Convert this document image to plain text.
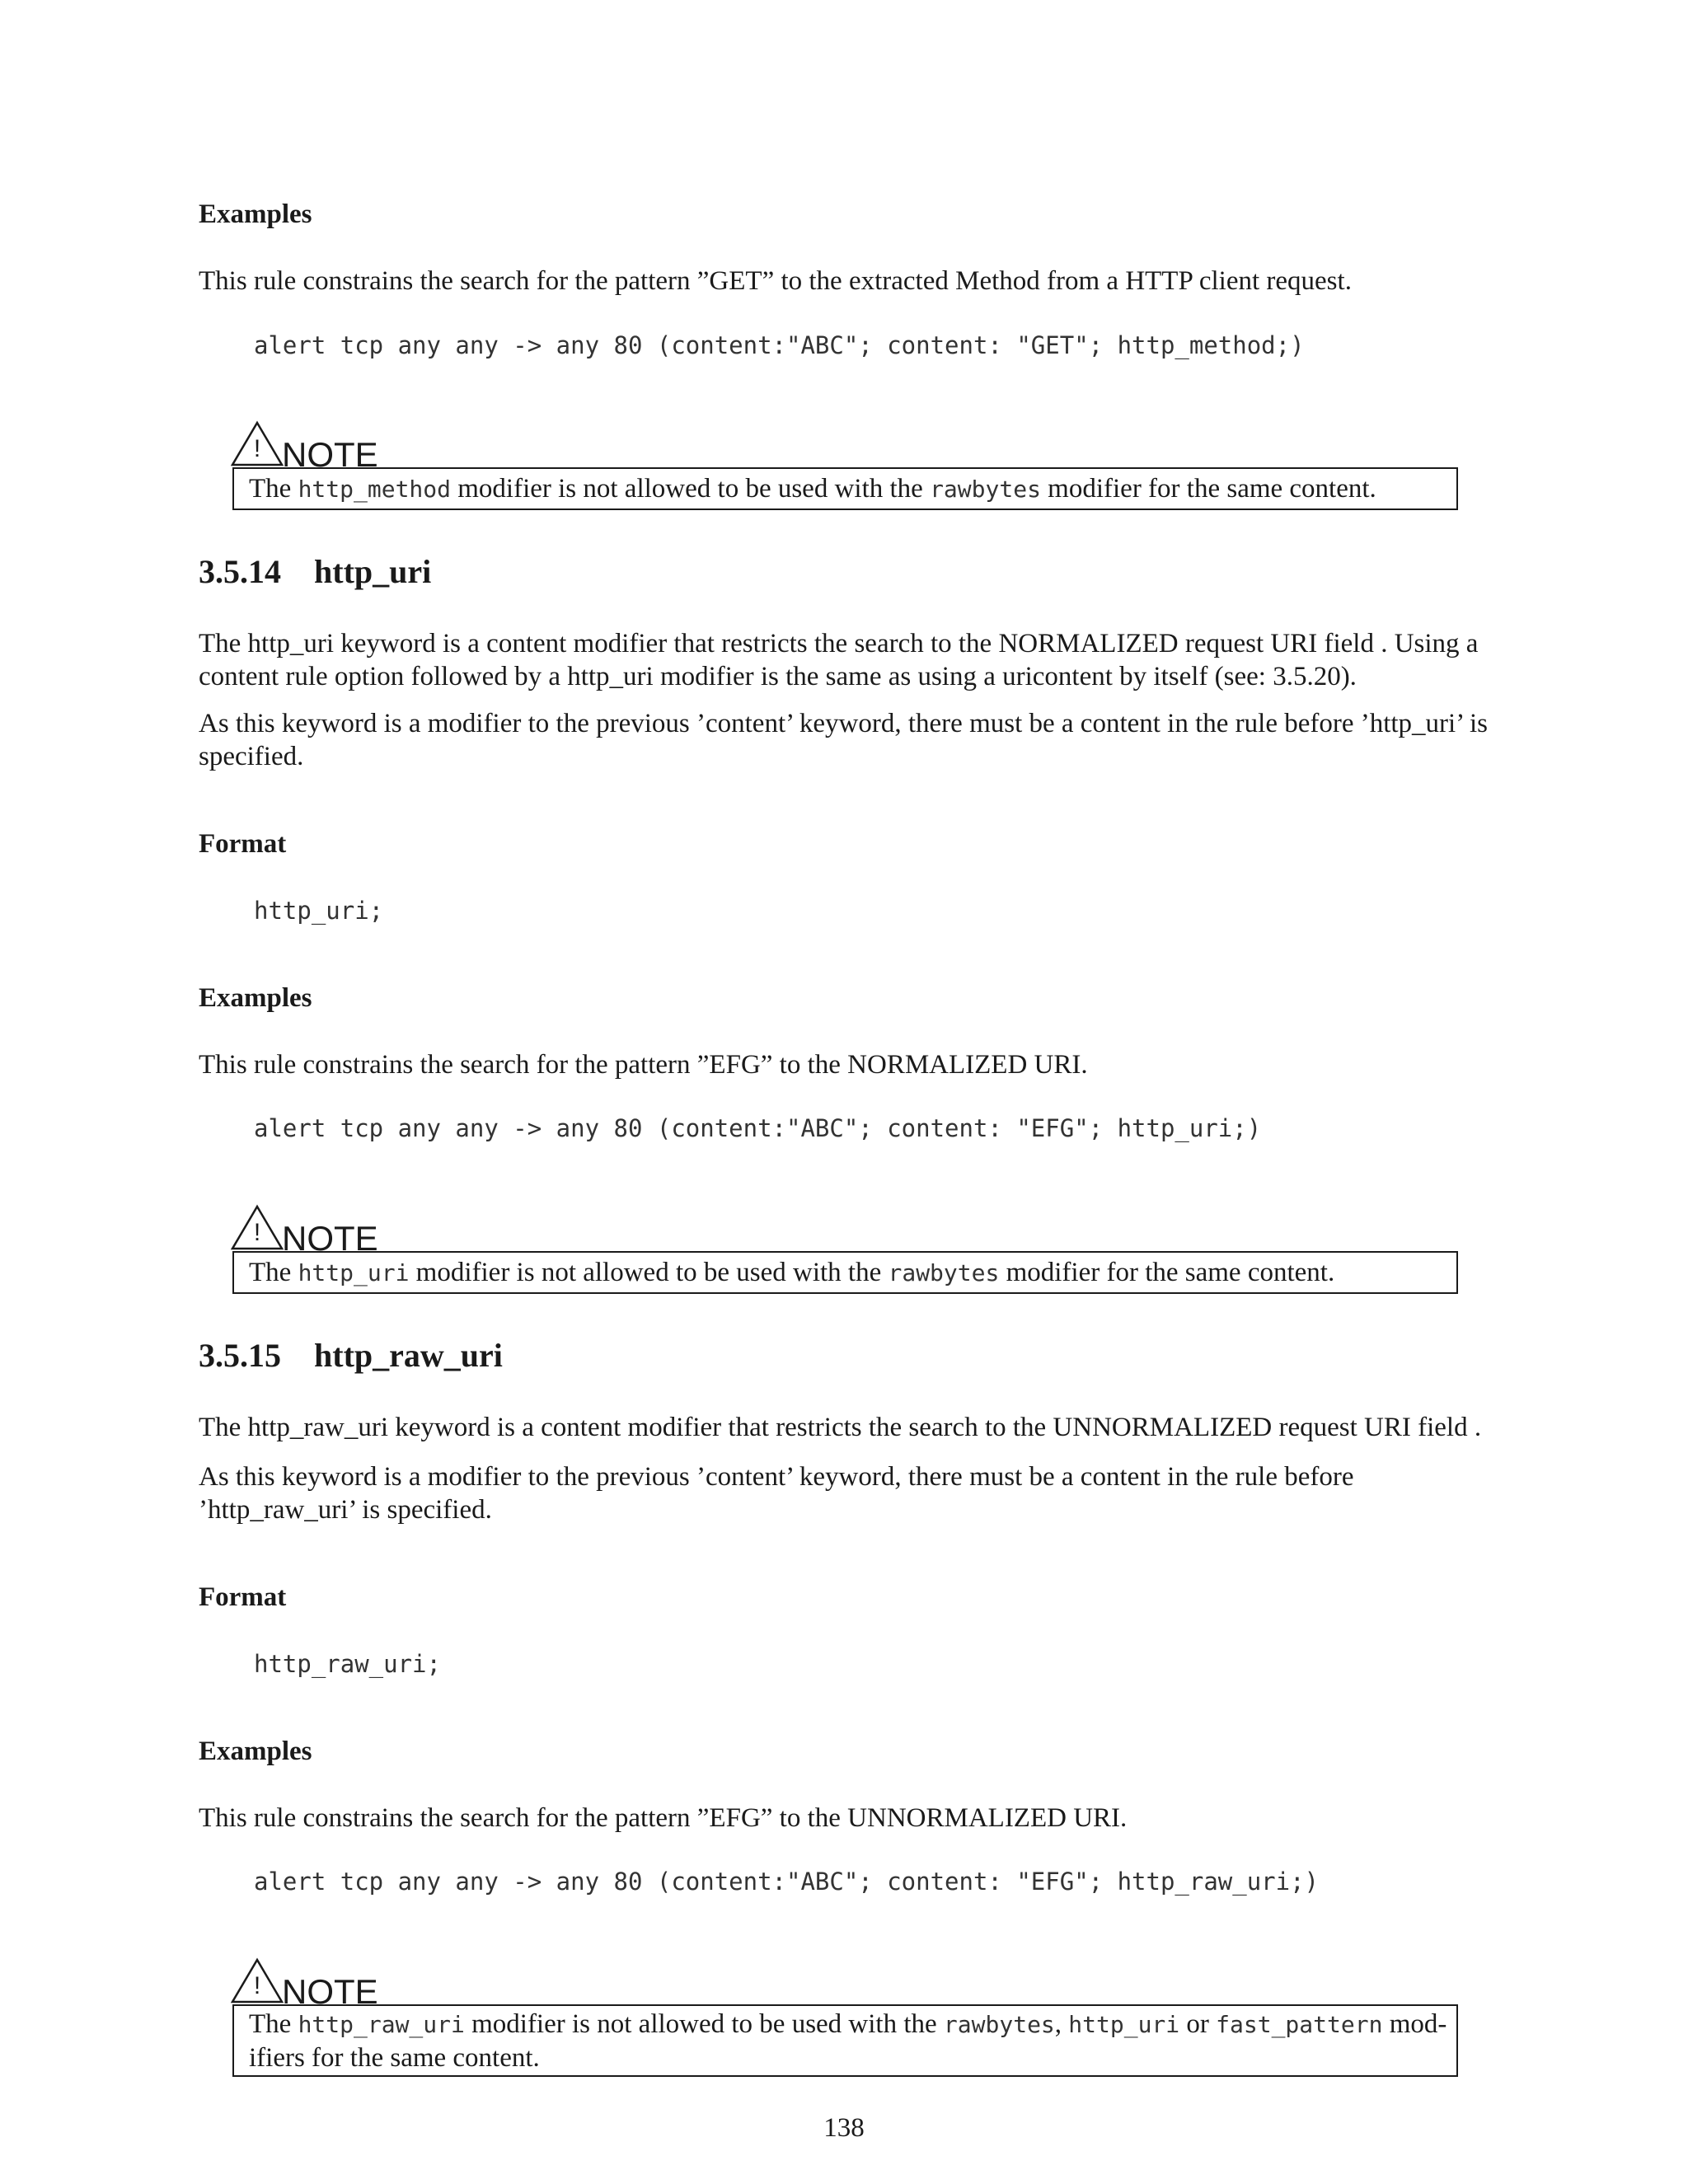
Examples
This rule constrains the search for the pattern ”GET” to the extracted Method from a HTTP client request.
alert tcp any any -> any 80 (content:"ABC"; content: "GET"; http_method;)
! NOTE
The http_method modifier is not allowed to be used with the rawbytes modifier for the same content.
3.5.14 http_uri
The http_uri keyword is a content modifier that restricts the search to the NORMALIZED request URI field . Using a content rule option followed by a http_uri modifier is the same as using a uricontent by itself (see: 3.5.20).
As this keyword is a modifier to the previous ’content’ keyword, there must be a content in the rule before ’http_uri’ is specified.
Format
http_uri;
Examples
This rule constrains the search for the pattern ”EFG” to the NORMALIZED URI.
alert tcp any any -> any 80 (content:"ABC"; content: "EFG"; http_uri;)
! NOTE
The http_uri modifier is not allowed to be used with the rawbytes modifier for the same content.
3.5.15 http_raw_uri
The http_raw_uri keyword is a content modifier that restricts the search to the UNNORMALIZED request URI field .
As this keyword is a modifier to the previous ’content’ keyword, there must be a content in the rule before ’http_raw_uri’ is specified.
Format
http_raw_uri;
Examples
This rule constrains the search for the pattern ”EFG” to the UNNORMALIZED URI.
alert tcp any any -> any 80 (content:"ABC"; content: "EFG"; http_raw_uri;)
! NOTE
The http_raw_uri modifier is not allowed to be used with the rawbytes, http_uri or fast_pattern mod-
ifiers for the same content.
138
